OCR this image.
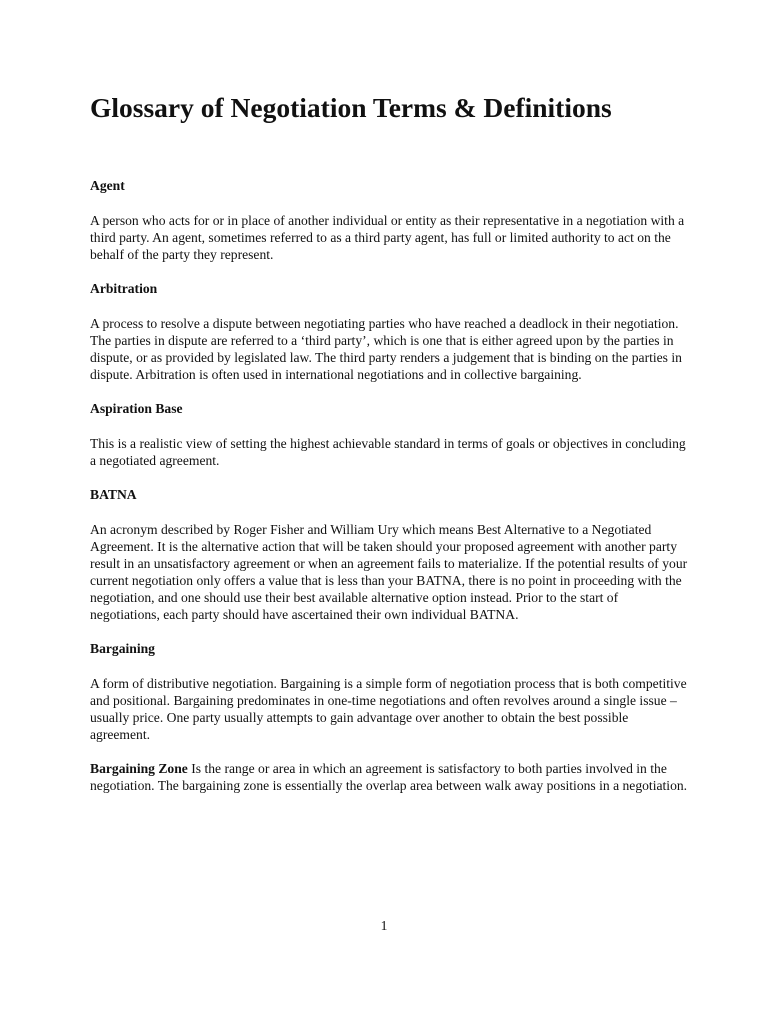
Glossary of Negotiation Terms & Definitions

Agent

A person who acts for or in place of another individual or entity as their representative in a negotiation with a third party. An agent, sometimes referred to as a third party agent, has full or limited authority to act on the behalf of the party they represent.

Arbitration

A process to resolve a dispute between negotiating parties who have reached a deadlock in their negotiation. The parties in dispute are referred to a ‘third party’, which is one that is either agreed upon by the parties in dispute, or as provided by legislated law. The third party renders a judgement that is binding on the parties in dispute. Arbitration is often used in international negotiations and in collective bargaining.

Aspiration Base

This is a realistic view of setting the highest achievable standard in terms of goals or objectives in concluding a negotiated agreement.

BATNA

An acronym described by Roger Fisher and William Ury which means Best Alternative to a Negotiated Agreement. It is the alternative action that will be taken should your proposed agreement with another party result in an unsatisfactory agreement or when an agreement fails to materialize. If the potential results of your current negotiation only offers a value that is less than your BATNA, there is no point in proceeding with the negotiation, and one should use their best available alternative option instead. Prior to the start of negotiations, each party should have ascertained their own individual BATNA.

Bargaining

A form of distributive negotiation. Bargaining is a simple form of negotiation process that is both competitive and positional. Bargaining predominates in one-time negotiations and often revolves around a single issue – usually price. One party usually attempts to gain advantage over another to obtain the best possible agreement.

Bargaining Zone Is the range or area in which an agreement is satisfactory to both parties involved in the negotiation. The bargaining zone is essentially the overlap area between walk away positions in a negotiation.

1
